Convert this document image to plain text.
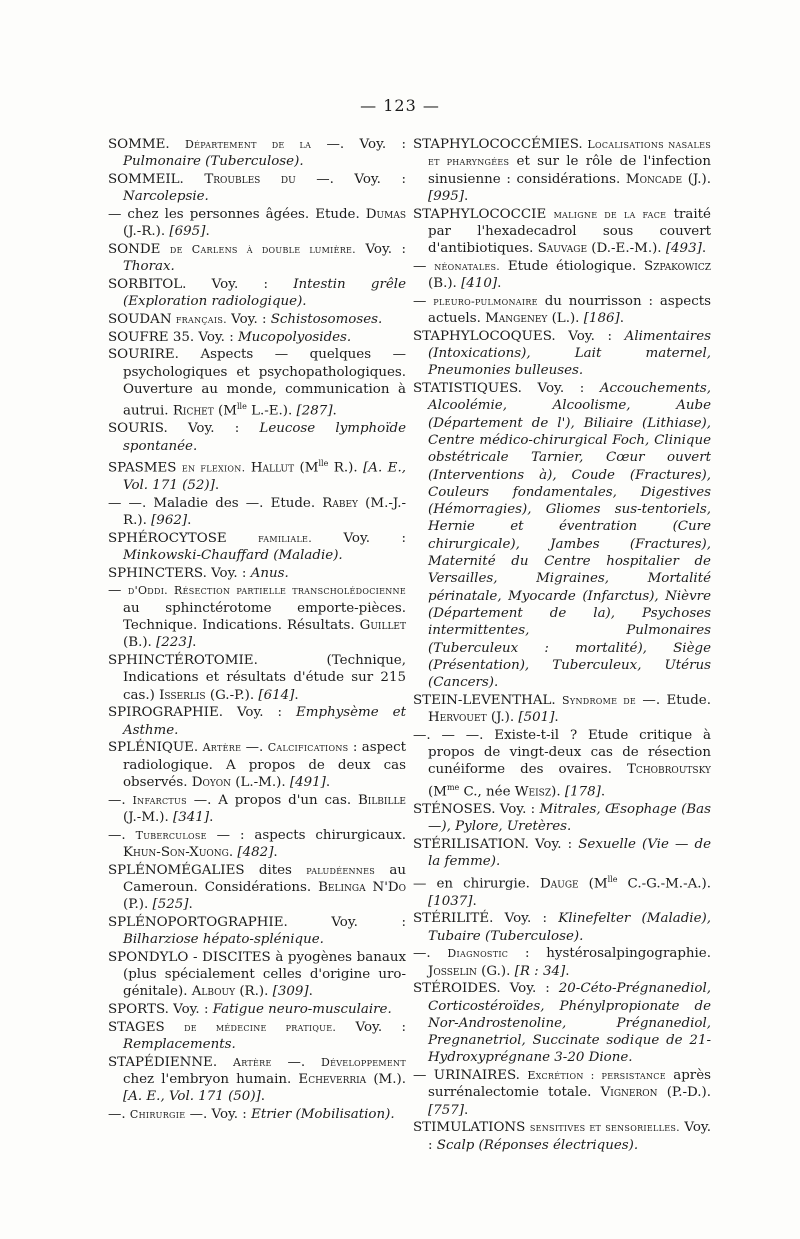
— 123 —

SOMME. Département de la —. Voy. : Pulmonaire (Tuberculose).

SOMMEIL. Troubles du —. Voy. : Narcolepsie.

— chez les personnes âgées. Etude. Dumas (J.-R.). [695].

SONDE de Carlens à double lumière. Voy. : Thorax.

SORBITOL. Voy. : Intestin grêle (Exploration radiologique).

SOUDAN français. Voy. : Schistosomoses.

SOUFRE 35. Voy. : Mucopolyosides.

SOURIRE. Aspects — quelques — psychologiques et psychopathologiques. Ouverture au monde, communication à autrui. Richet ($M^{lle}$ L.-E.). [287].

SOURIS. Voy. : Leucose lymphoïde spontanée.

SPASMES en flexion. Hallut ($M^{lle}$ R.). [A. E., Vol. 171 (52)].

— —. Maladie des —. Etude. Rabey (M.-J.-R.). [962].

SPHÉROCYTOSE familiale. Voy. : Minkowski-Chauffard (Maladie).

SPHINCTERS. Voy. : Anus.

— d'Oddi. Résection partielle transcholédocienne au sphinctérotome emporte-pièces. Technique. Indications. Résultats. Guillet (B.). [223].

SPHINCTÉROTOMIE. (Technique, Indications et résultats d'étude sur 215 cas.) Isserlis (G.-P.). [614].

SPIROGRAPHIE. Voy. : Emphysème et Asthme.

SPLÉNIQUE. Artère —. Calcifications : aspect radiologique. A propos de deux cas observés. Doyon (L.-M.). [491].

—. Infarctus —. A propos d'un cas. Bilbille (J.-M.). [341].

—. Tuberculose — : aspects chirurgicaux. Khun-Son-Xuong. [482].

SPLÉNOMÉGALIES dites paludéennes au Cameroun. Considérations. Belinga N'Do (P.). [525].

SPLÉNOPORTOGRAPHIE. Voy. : Bilharziose hépato-splénique.

SPONDYLO - DISCITES à pyogènes banaux (plus spécialement celles d'origine uro-génitale). Albouy (R.). [309].

SPORTS. Voy. : Fatigue neuro-musculaire.

STAGES de médecine pratique. Voy. : Remplacements.

STAPÉDIENNE. Artère —. Développement chez l'embryon humain. Echeverria (M.). [A. E., Vol. 171 (50)].

—. Chirurgie —. Voy. : Etrier (Mobilisation).

STAPHYLOCOCCÉMIES. Localisations nasales et pharyngées et sur le rôle de l'infection sinusienne : considérations. Moncade (J.). [995].

STAPHYLOCOCCIE maligne de la face traité par l'hexadecadrol sous couvert d'antibiotiques. Sauvage (D.-E.-M.). [493].

— néonatales. Etude étiologique. Szpakowicz (B.). [410].

— pleuro-pulmonaire du nourrisson : aspects actuels. Mangeney (L.). [186].

STAPHYLOCOQUES. Voy. : Alimentaires (Intoxications), Lait maternel, Pneumonies bulleuses.

STATISTIQUES. Voy. : Accouchements, Alcoolémie, Alcoolisme, Aube (Département de l'), Biliaire (Lithiase), Centre médico-chirurgical Foch, Clinique obstétricale Tarnier, Cœur ouvert (Interventions à), Coude (Fractures), Couleurs fondamentales, Digestives (Hémorragies), Gliomes sus-tentoriels, Hernie et éventration (Cure chirurgicale), Jambes (Fractures), Maternité du Centre hospitalier de Versailles, Migraines, Mortalité périnatale, Myocarde (Infarctus), Nièvre (Département de la), Psychoses intermittentes, Pulmonaires (Tuberculeux : mortalité), Siège (Présentation), Tuberculeux, Utérus (Cancers).

STEIN-LEVENTHAL. Syndrome de —. Etude. Hervouet (J.). [501].

—. — —. Existe-t-il ? Etude critique à propos de vingt-deux cas de résection cunéiforme des ovaires. Tchobroutsky ($M^{me}$ C., née Weisz). [178].

STÉNOSES. Voy. : Mitrales, Œsophage (Bas —), Pylore, Uretères.

STÉRILISATION. Voy. : Sexuelle (Vie — de la femme).

— en chirurgie. Dauge ($M^{lle}$ C.-G.-M.-A.). [1037].

STÉRILITÉ. Voy. : Klinefelter (Maladie), Tubaire (Tuberculose).

—. Diagnostic : hystérosalpingographie. Josselin (G.). [R : 34].

STÉROIDES. Voy. : 20-Céto-Prégnanediol, Corticostéroïdes, Phénylpropionate de Nor-Androstenoline, Prégnanediol, Pregnanetriol, Succinate sodique de 21-Hydroxyprégnane 3-20 Dione.

— URINAIRES. Excrétion : persistance après surrénalectomie totale. Vigneron (P.-D.). [757].

STIMULATIONS sensitives et sensorielles. Voy. : Scalp (Réponses électriques).
